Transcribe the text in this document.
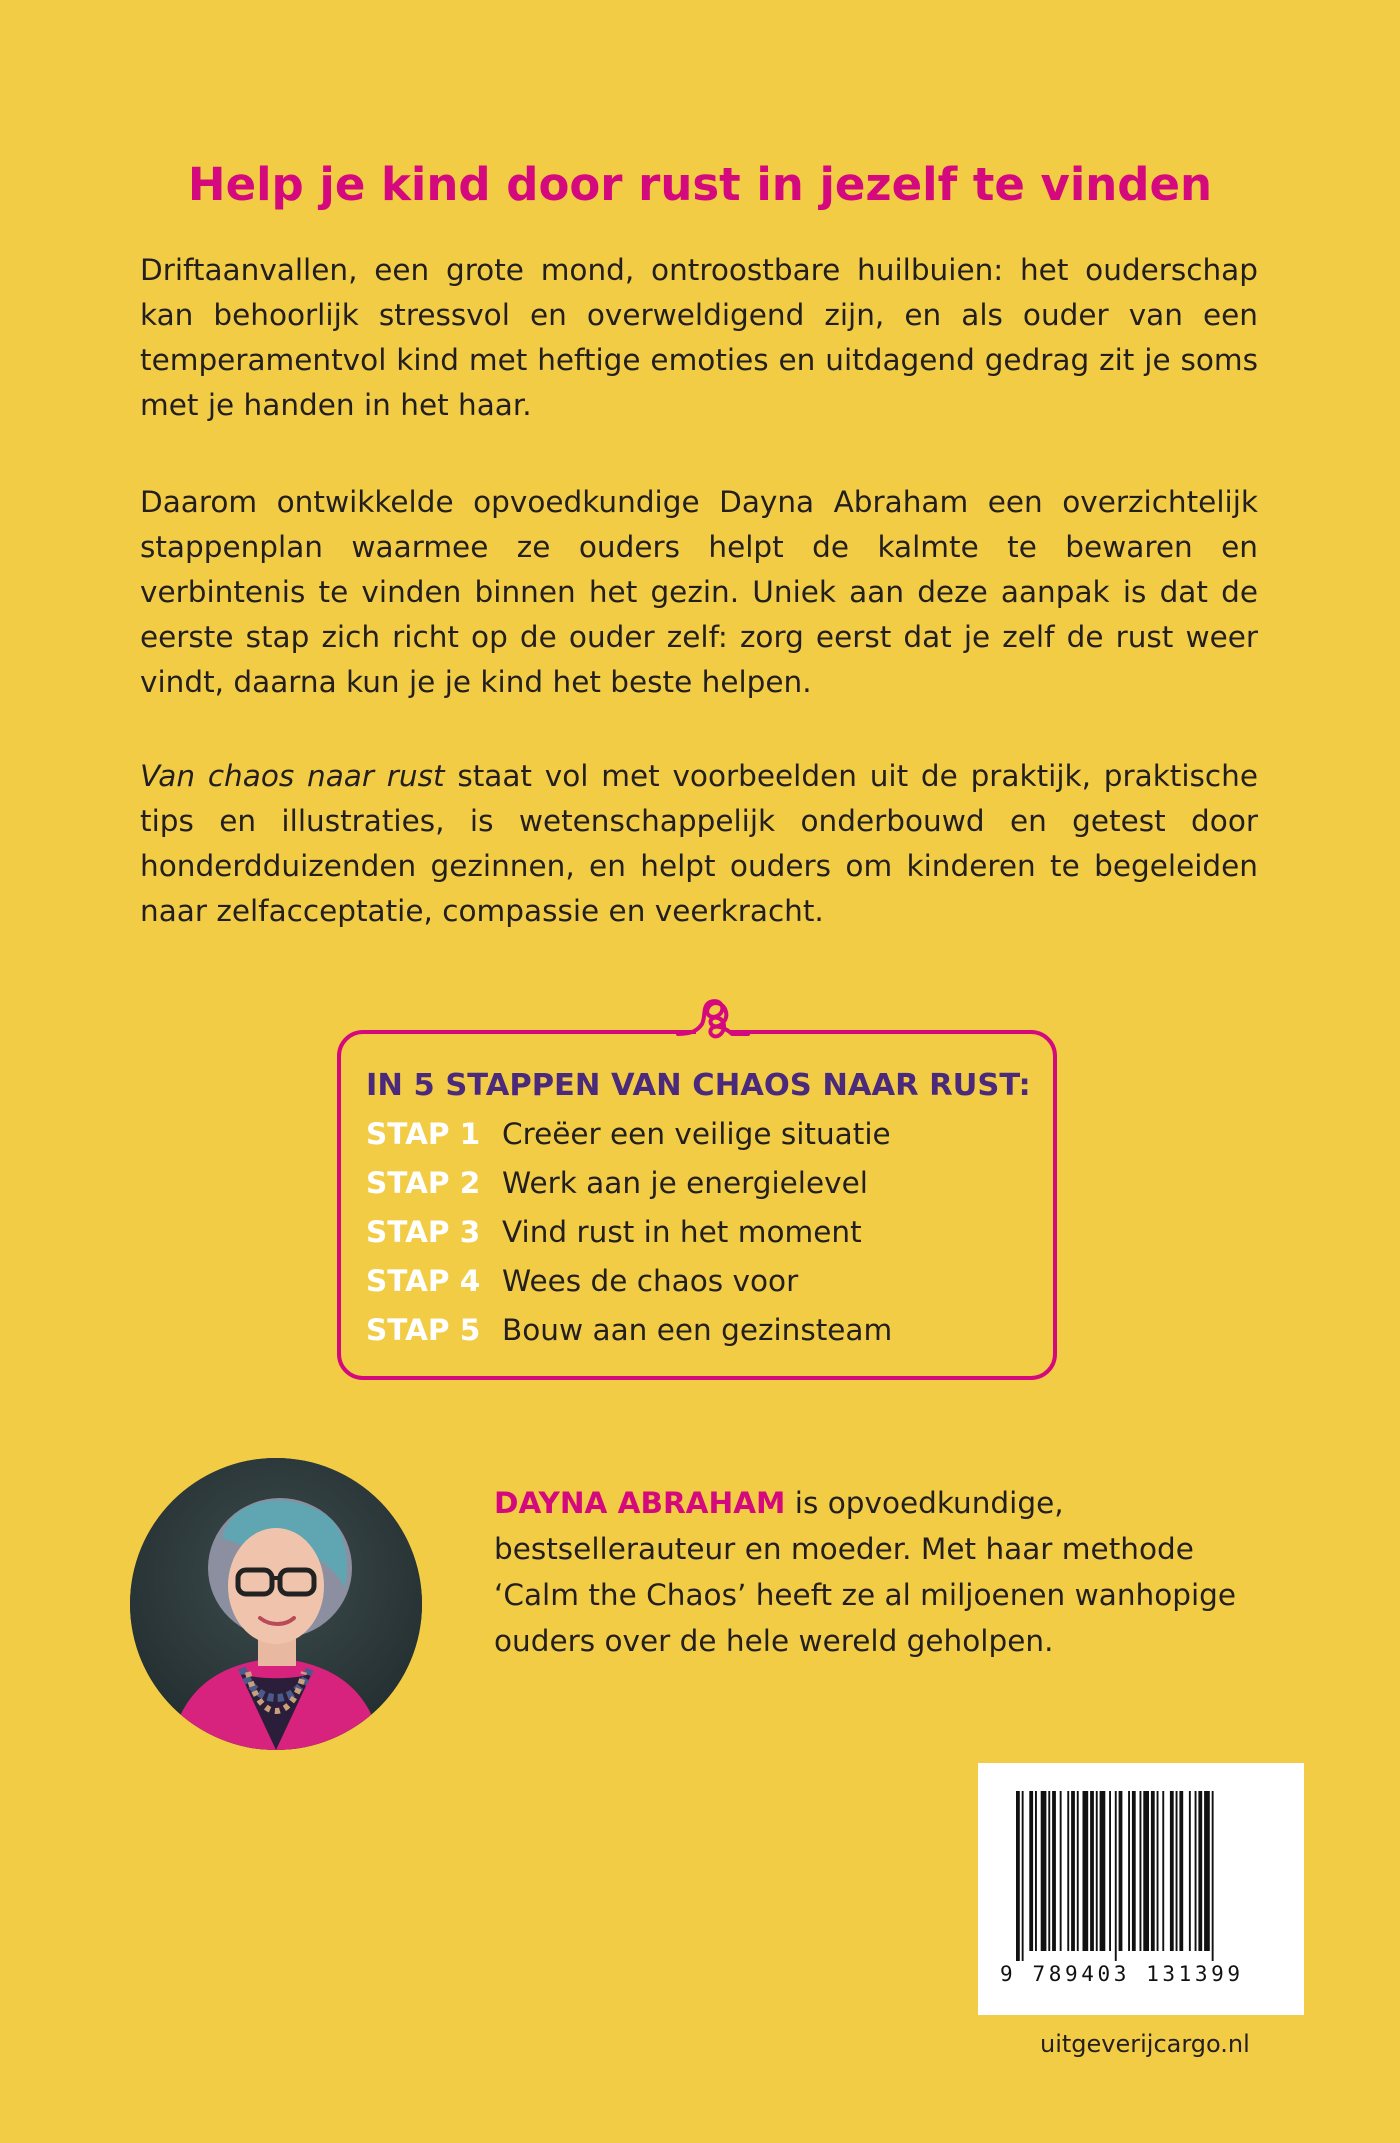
Help je kind door rust in jezelf te vinden

Driftaanvallen, een grote mond, ontroostbare huilbuien: het ouderschap kan behoorlijk stressvol en overweldigend zijn, en als ouder van een temperamentvol kind met heftige emoties en uitdagend gedrag zit je soms met je handen in het haar.

Daarom ontwikkelde opvoedkundige Dayna Abraham een overzichtelijk stappenplan waarmee ze ouders helpt de kalmte te bewaren en verbintenis te vinden binnen het gezin. Uniek aan deze aanpak is dat de eerste stap zich richt op de ouder zelf: zorg eerst dat je zelf de rust weer vindt, daarna kun je je kind het beste helpen.

Van chaos naar rust staat vol met voorbeelden uit de praktijk, praktische tips en illustraties, is wetenschappelijk onderbouwd en getest door honderdduizenden gezinnen, en helpt ouders om kinderen te begeleiden naar zelfacceptatie, compassie en veerkracht.

IN 5 STAPPEN VAN CHAOS NAAR RUST:
STAP 1 Creëer een veilige situatie
STAP 2 Werk aan je energielevel
STAP 3 Vind rust in het moment
STAP 4 Wees de chaos voor
STAP 5 Bouw aan een gezinsteam

DAYNA ABRAHAM is opvoedkundige, bestsellerauteur en moeder. Met haar methode ‘Calm the Chaos’ heeft ze al miljoenen wanhopige ouders over de hele wereld geholpen.

9 789403 131399
uitgeverijcargo.nl
